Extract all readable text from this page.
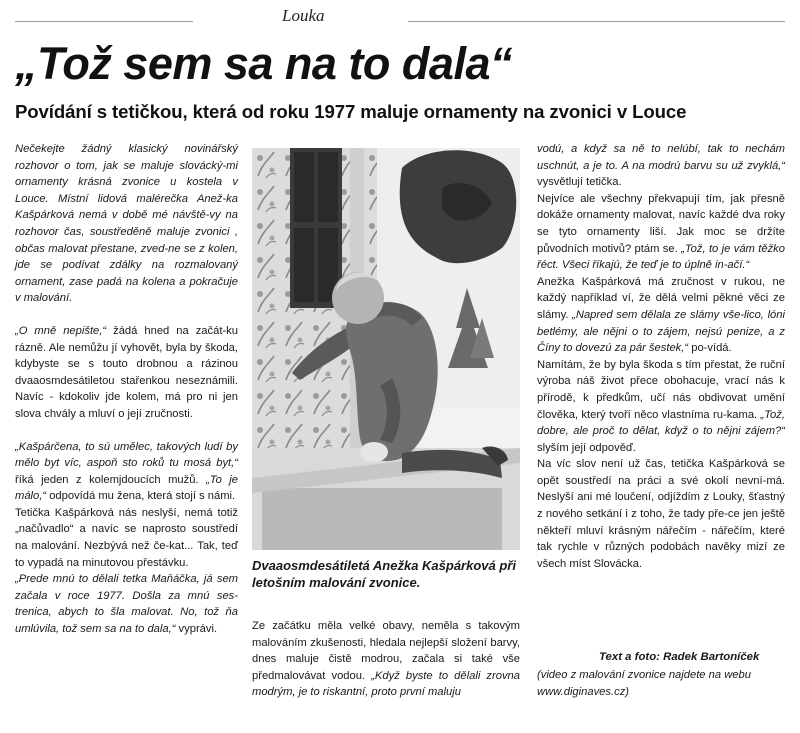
Louka
„Tož sem sa na to dala“
Povídání s tetičkou, která od roku 1977 maluje ornamenty na zvonici v Louce

Nečekejte žádný klasický novinářský rozhovor o tom, jak se maluje slovácký-mi ornamenty krásná zvonice u kostela v Louce. Místní lidová malérečka Anež-ka Kašpárková nemá v době mé návště-vy na rozhovor čas, soustředěně maluje zvonici , občas malovat přestane, zved-ne se z kolen, jde se podívat zdálky na rozmalovaný ornament, zase padá na kolena a pokračuje v malování.

„O mně nepište,“ žádá hned na začát-ku rázně. Ale nemůžu jí vyhovět, byla by škoda, kdybyste se s touto drobnou a rázinou dvaaosmdesátiletou stařenkou neseznámili. Navíc - kdokoliv jde kolem, má pro ni jen slova chvály a mluví o její zručnosti.

„Kašpárčena, to sú umělec, takových ludí by mělo byt víc, aspoň sto roků tu mosá byt,“ říká jeden z kolemjdoucích mužů. „To je málo,“ odpovídá mu žena, která stojí s námi.

Tetička Kašpárková nás neslyší, nemá totiž „načůvadlo“ a navíc se naprosto soustředí na malování. Nezbývá než če-kat... Tak, teď to vypadá na minutovou přestávku.

„Prede mnú to dělali tetka Maňáčka, já sem začala v roce 1977. Došla za mnú ses-trenica, abych to šla malovat. No, tož ňa umlúvila, tož sem sa na to dala,“ vyprávi.

Dvaaosmdesátiletá Anežka Kašpárková při letošním malování zvonice.

Ze začátku měla velké obavy, neměla s takovým malováním zkušenosti, hledala nejlepší složení barvy, dnes maluje čistě modrou, začala si také vše předmalovávat vodou. „Když byste to dělali zrovna modrým, je to riskantní, proto první maluju

vodú, a když sa ně to nelúbí, tak to nechám uschnút, a je to. A na modrú barvu su už zvyklá,“ vysvětlují tetička.

Nejvíce ale všechny překvapují tím, jak přesně dokáže ornamenty malovat, navíc každé dva roky se tyto ornamenty liší. Jak moc se držíte původních motivů? ptám se. „Tož, to je vám těžko řéct. Všeci říkajú, že teď je to úplně in-ačí.“

Anežka Kašpárková má zručnost v rukou, ne každý například ví, že dělá velmi pěkné věci ze slámy. „Napred sem dělala ze slámy vše-lico, lóni betlémy, ale nějni o to zájem, nejsú penize, a z Číny to dovezú za pár šestek,“ po-vídá.

Namítám, že by byla škoda s tím přestat, že ruční výroba náš život přece obohacuje, vrací nás k přírodě, k předkům, učí nás obdivovat umění člověka, který tvoří něco vlastníma ru-kama. „Tož, dobre, ale proč to dělat, když o to nějni zájem?“ slyším její odpověď.

Na víc slov není už čas, tetička Kašpárková se opět soustředí na práci a své okolí nevní-má. Neslyší ani mé loučení, odjíždím z Louky, šťastný z nového setkání i z toho, že tady pře-ce jen ještě někteří mluví krásným nářečím - nářečím, které tak rychle v různých podobách navěky mizí ze všech míst Slovácka.

Text a foto: Radek Bartoníček
(video z malování zvonice najdete na webu www.diginaves.cz)
